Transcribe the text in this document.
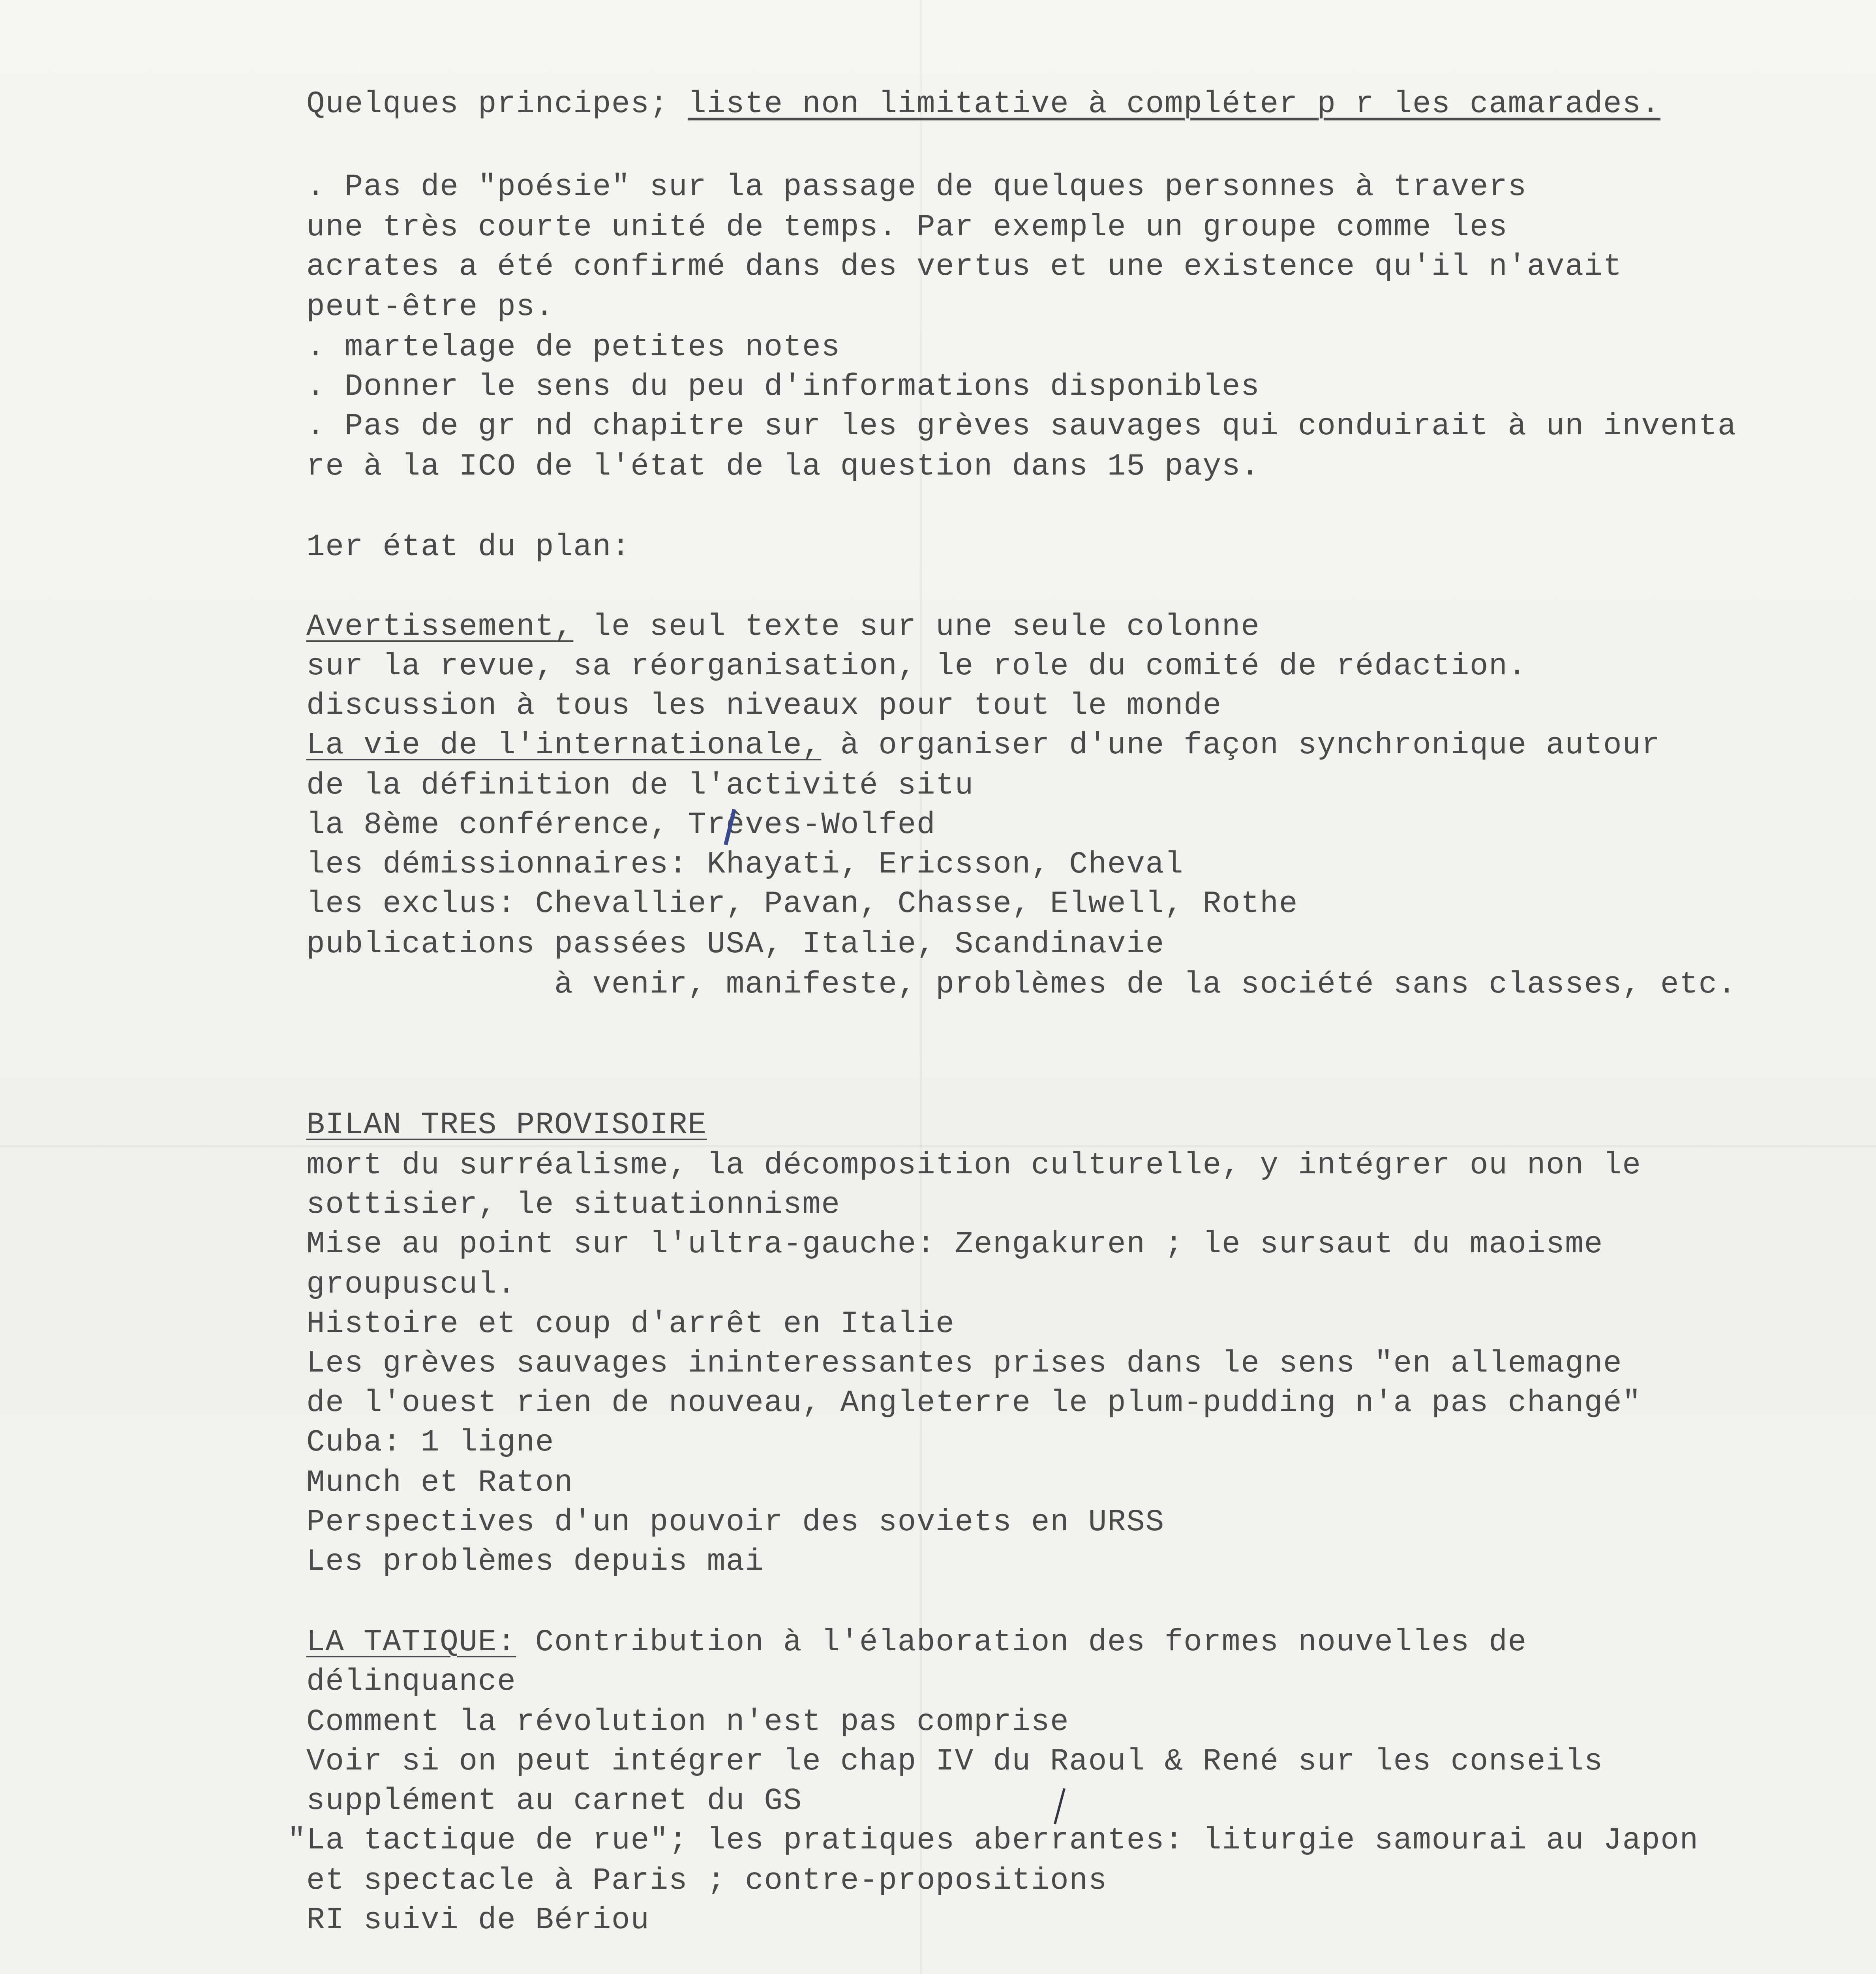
Quelques principes; liste non limitative à compléter p r les camarades.
. Pas de "poésie" sur la passage de quelques personnes à travers
une très courte unité de temps. Par exemple un groupe comme les
acrates a été confirmé dans des vertus et une existence qu'il n'avait
peut-être ps.
. martelage de petites notes
. Donner le sens du peu d'informations disponibles
. Pas de gr nd chapitre sur les grèves sauvages qui conduirait à un inventa
re à la ICO de l'état de la question dans 15 pays.
1er état du plan:
Avertissement, le seul texte sur une seule colonne
sur la revue, sa réorganisation, le role du comité de rédaction.
discussion à tous les niveaux pour tout le monde
La vie de l'internationale, à organiser d'une façon synchronique autour
de la définition de l'activité situ
la 8ème conférence, Trêves-Wolfed
les démissionnaires: Khayati, Ericsson, Cheval
les exclus: Chevallier, Pavan, Chasse, Elwell, Rothe
publications passées USA, Italie, Scandinavie
à venir, manifeste, problèmes de la société sans classes, etc.
BILAN TRES PROVISOIRE
mort du surréalisme, la décomposition culturelle, y intégrer ou non le
sottisier, le situationnisme
Mise au point sur l'ultra-gauche: Zengakuren ; le sursaut du maoisme
groupuscul.
Histoire et coup d'arrêt en Italie
Les grèves sauvages ininteressantes prises dans le sens "en allemagne
de l'ouest rien de nouveau, Angleterre le plum-pudding n'a pas changé"
Cuba: 1 ligne
Munch et Raton
Perspectives d'un pouvoir des soviets en URSS
Les problèmes depuis mai
LA TATIQUE: Contribution à l'élaboration des formes nouvelles de
délinquance
Comment la révolution n'est pas comprise
Voir si on peut intégrer le chap IV du Raoul & René sur les conseils
supplément au carnet du GS
"La tactique de rue"; les pratiques aberrantes: liturgie samourai au Japon
et spectacle à Paris ; contre-propositions
RI suivi de Bériou
